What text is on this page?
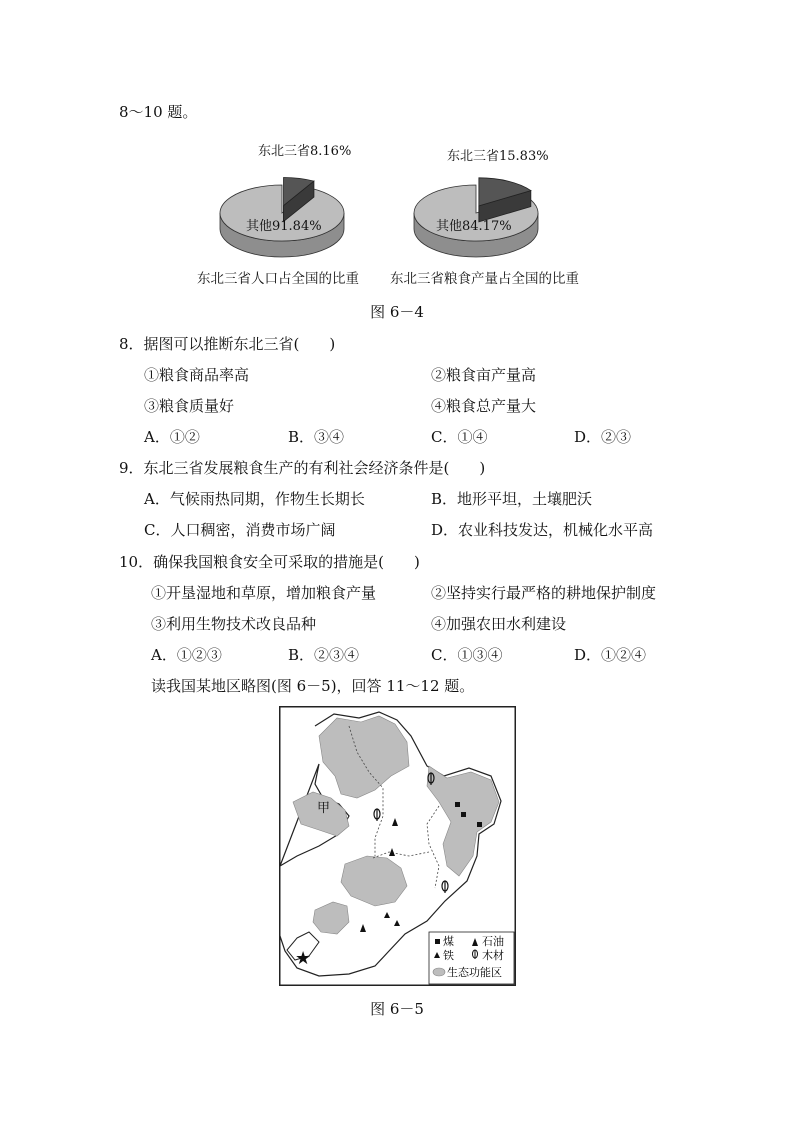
8～10 题。
东北三省8.16%
其他91.84%
东北三省人口占全国的比重
东北三省15.83%
其他84.17%
东北三省粮食产量占全国的比重
图 6－4
8．据图可以推断东北三省(　　)
①粮食商品率高	②粮食亩产量高
③粮食质量好	④粮食总产量大
A．①②	B．③④	C．①④	D．②③
9．东北三省发展粮食生产的有利社会经济条件是(　　)
A．气候雨热同期，作物生长期长	B．地形平坦，土壤肥沃
C．人口稠密，消费市场广阔	D．农业科技发达，机械化水平高
10．确保我国粮食安全可采取的措施是(　　)
①开垦湿地和草原，增加粮食产量	②坚持实行最严格的耕地保护制度
③利用生物技术改良品种	④加强农田水利建设
A．①②③	B．②③④	C．①③④	D．①②④
读我国某地区略图(图 6－5)，回答 11～12 题。
甲
★
煤	石油
铁	木材
生态功能区
图 6－5
